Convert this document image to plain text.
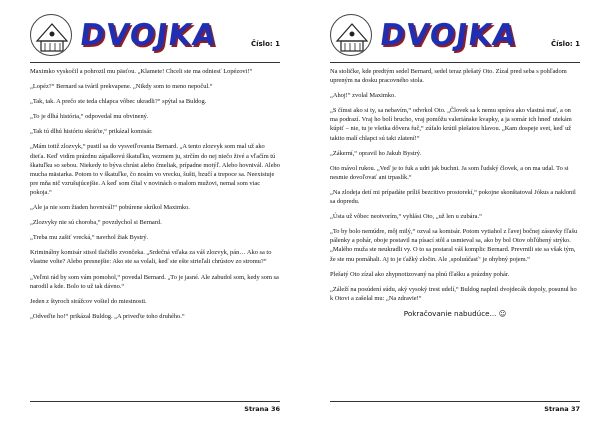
DVOJKA	Číslo: 1

Maximko vyskočil a pohrozil mu päsťou. „Klamete! Chceli ste ma odniesť Lopézovi!“

„Lopéz?“ Bernard sa tváril prekvapene. „Nikdy som to meno nepočul.“

„Tak, tak. A prečo ste teda chlapca vôbec ukradli?“ spýtal sa Buldog.

„To je dlhá história,“ odpovedal mu obvinený.

„Tak tú dlhú históriu skráťte,“ prikázal komisár.

„Mám totiž zlozvyk,“ pustil sa do vysvetľovania Bernard. „A tento zlozvyk som mal už ako dieťa. Keď vidím prázdnu zápalkovú škatuľku, vezmem ju, strčím do nej niečo živé a vľačím tú škatuľku so sebou. Niekedy to býva chrúst alebo čmeliak, prípadne motýľ. Alebo hovnivál. Alebo mucha mäsiarka. Potom to v škatuľke, čo nosím vo vrecku, šušti, bzučí a trepoce sa. Neexistuje pre mňa nič vzrušujúcejšie. A keď som čítal v novinách o malom mužovi, nemal som viac pokoja.“

„Ale ja nie som žiaden hovnivál!“ pobúrene skríkol Maximko.

„Zlozvyky nie sú choroba,“ povzdychol si Bernard.

„Treba mu zašiť vrecká,“ navrhol žiak Bystrý.

Kriminálny komisár stisol tlačidlo zvončeka. „Srdečná vďaka za váš zlozvyk, pán… Ako sa to vlastne volte? Alebo presnejšie: Ako ste sa volali, keď ste ešte strieľali chrústov zo stromu?“

„Veľmi rád by som vám pomohol,“ povedal Bernard. „To je jasné. Ale zabudol som, kedy som sa narodil a kde. Bolo to už tak dávno.“

Jeden z štyroch strážcov vošiel do miestnosti.

„Odveďte ho!“ prikázal Buldog. „A priveďte toho druhého.“

Strana 36
DVOJKA	Číslo: 1

Na stoličke, kde predtým sedel Bernard, sedel teraz plešatý Oto. Zízal pred seba s pohľadom upreným na dosku pracovného stola.

„Ahoj!“ zvolal Maximko.

„S čímsi ako si ty, sa nebavím,“ odvrkol Oto. „Človek sa k nemu správa ako vlastná mať, a on ma podrazí. Vraj ho bolí bruchо, vraj pomôžu valeriánske kvapky, a ja somár ich hneď utekám kúpiť – nie, tu je všetka dôvera fuč,“ zúfalo krútil plešatou hlavou. „Kam dospeje svet, keď už takito malí chlapci sú taki zlatení!“

„Zákerní,“ opravil ho Jakub Bystrý.

Oto mávol rukou. „Veď je to fuk a udri jak buchni. Ja som ľudský človek, a on ma udal. To si nesmie dovoľovať ani trpaslík.“

„Na zlodeja detí mi prípadáte príliš bezcitivo prostorekí,“ pokojne skonštatoval Jókus a naklonil sa dopredu.

„Ústa už vôbec neotvorím,“ vyhlási Oto, „už len u zubára.“

„To by bolo nemúdre, môj milý,“ ozval sa komisár. Potom vytiahol z ľavej bočnej zásuvky fľašu pálenky a pohár, oboje postavil na písací stôl a usmieval sa, ako by bol Otov obľúbený strýko. „Malého muža ste neukradli vy. O to sa postaral váš komplic Bernard. Prevrnili ste sa však tým, že ste mu pomáhali. Aj to je ťažký zločin. Ale ‚spoluúčasť‘ je ohybný pojem.“

Plešatý Oto zízal ako zhypnotizovaný na plnú fľašku a prázdny pohár.

„Záleží na posúdení súdu, aký vysoký trest udelí,“ Buldog naplnil dvojdecák dopoly, posunul ho k Otovi a zašelal mu: „Na zdravie!“

Pokračovanie nabudúce... ☺

Strana 37
